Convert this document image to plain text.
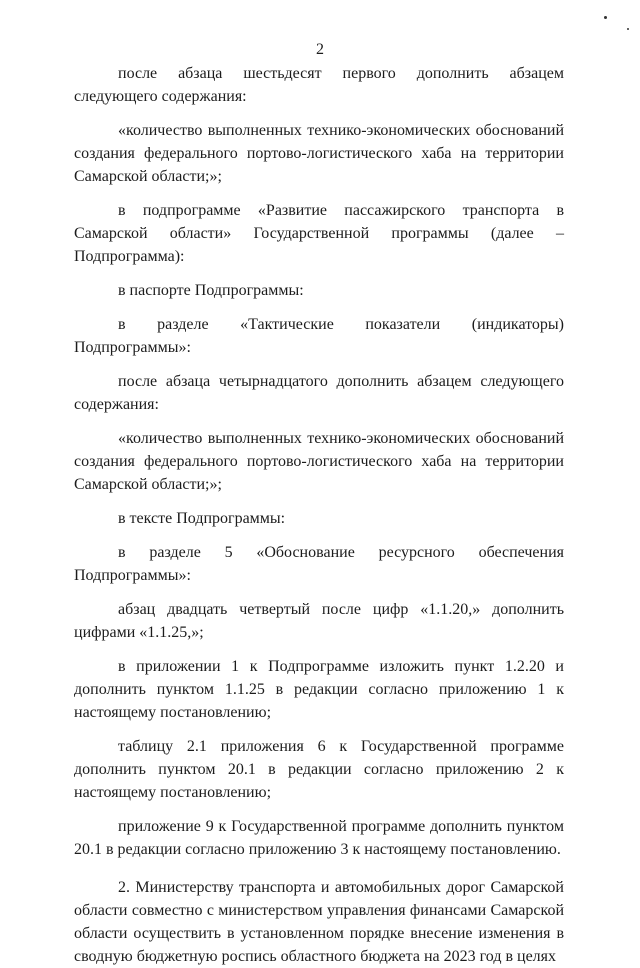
2

после абзаца шестьдесят первого дополнить абзацем следующего содержания:

«количество выполненных технико-экономических обоснований создания федерального портово-логистического хаба на территории Самарской области;»;

в подпрограмме «Развитие пассажирского транспорта в Самарской области» Государственной программы (далее – Подпрограмма):

в паспорте Подпрограммы:

в разделе «Тактические показатели (индикаторы) Подпрограммы»:

после абзаца четырнадцатого дополнить абзацем следующего содержания:

«количество выполненных технико-экономических обоснований создания федерального портово-логистического хаба на территории Самарской области;»;

в тексте Подпрограммы:

в разделе 5 «Обоснование ресурсного обеспечения Подпрограммы»:

абзац двадцать четвертый после цифр «1.1.20,» дополнить цифрами «1.1.25,»;

в приложении 1 к Подпрограмме изложить пункт 1.2.20 и дополнить пунктом 1.1.25 в редакции согласно приложению 1 к настоящему постановлению;

таблицу 2.1 приложения 6 к Государственной программе дополнить пунктом 20.1 в редакции согласно приложению 2 к настоящему постановлению;

приложение 9 к Государственной программе дополнить пунктом 20.1 в редакции согласно приложению 3 к настоящему постановлению.

2. Министерству транспорта и автомобильных дорог Самарской области совместно с министерством управления финансами Самарской области осуществить в установленном порядке внесение изменения в сводную бюджетную роспись областного бюджета на 2023 год в целях
